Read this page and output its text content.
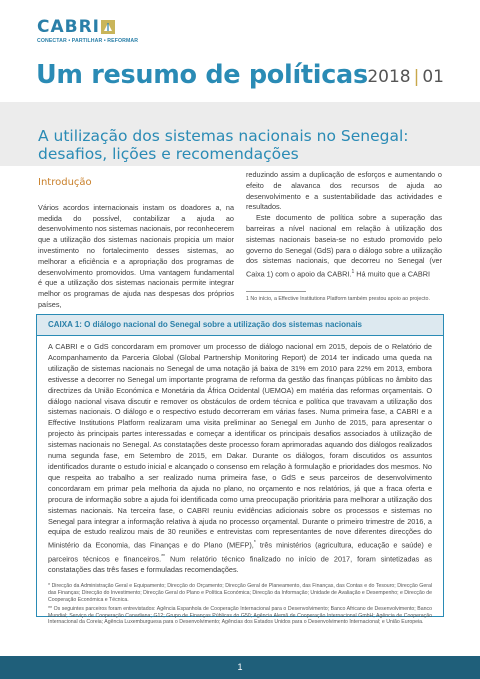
CABRI
CONECTAR • PARTILHAR • REFORMAR
Um resumo de políticas 2018 | 01
A utilização dos sistemas nacionais no Senegal:
desafios, lições e recomendações
Introdução

Vários acordos internacionais instam os doadores a, na medida do possível, contabilizar a ajuda ao desenvolvimento nos sistemas nacionais, por reconhecerem que a utilização dos sistemas nacionais propicia um maior investimento no fortalecimento desses sistemas, ao melhorar a eficiência e a apropriação dos programas de desenvolvimento promovidos. Uma vantagem fundamental é que a utilização dos sistemas nacionais permite integrar melhor os programas de ajuda nas despesas dos próprios países,

reduzindo assim a duplicação de esforços e aumentando o efeito de alavanca dos recursos de ajuda ao desenvolvimento e a sustentabilidade das actividades e resultados.

Este documento de política sobre a superação das barreiras a nível nacional em relação à utilização dos sistemas nacionais baseia-se no estudo promovido pelo governo do Senegal (GdS) para o diálogo sobre a utilização dos sistemas nacionais, que decorreu no Senegal (ver Caixa 1) com o apoio da CABRI.$^1$ Há muito que a CABRI

1 No início, a Effective Institutions Platform também prestou apoio ao projecto.

CAIXA 1: O diálogo nacional do Senegal sobre a utilização dos sistemas nacionais

A CABRI e o GdS concordaram em promover um processo de diálogo nacional em 2015, depois de o Relatório de Acompanhamento da Parceria Global (Global Partnership Monitoring Report) de 2014 ter indicado uma queda na utilização de sistemas nacionais no Senegal de uma notação já baixa de 31% em 2010 para 22% em 2013, embora estivesse a decorrer no Senegal um importante programa de reforma da gestão das finanças públicas no âmbito das directrizes da União Económica e Monetária da África Ocidental (UEMOA) em matéria das reformas orçamentais. O diálogo nacional visava discutir e remover os obstáculos de ordem técnica e política que travavam a utilização dos sistemas nacionais. O diálogo e o respectivo estudo decorreram em várias fases. Numa primeira fase, a CABRI e a Effective Institutions Platform realizaram uma visita preliminar ao Senegal em Junho de 2015, para apresentar o projecto às principais partes interessadas e começar a identificar os principais desafios associados à utilização de sistemas nacionais no Senegal. As constatações deste processo foram aprimoradas aquando dos diálogos realizados numa segunda fase, em Setembro de 2015, em Dakar. Durante os diálogos, foram discutidos os assuntos identificados durante o estudo inicial e alcançado o consenso em relação à formulação e prioridades dos mesmos. No que respeita ao trabalho a ser realizado numa primeira fase, o GdS e seus parceiros de desenvolvimento concordaram em primar pela melhoria da ajuda no plano, no orçamento e nos relatórios, já que a fraca oferta e procura de informação sobre a ajuda foi identificada como uma preocupação prioritária para melhorar a utilização dos sistemas nacionais. Na terceira fase, o CABRI reuniu evidências adicionais sobre os processos e sistemas no Senegal para integrar a informação relativa à ajuda no processo orçamental. Durante o primeiro trimestre de 2016, a equipa de estudo realizou mais de 30 reuniões e entrevistas com representantes de nove diferentes direcções do Ministério da Economia, das Finanças e do Plano (MEFP),* três ministérios (agricultura, educação e saúde) e parceiros técnicos e financeiros.** Num relatório técnico finalizado no início de 2017, foram sintetizadas as constatações das três fases e formuladas recomendações.

* Direcção da Administração Geral e Equipamento; Direcção do Orçamento; Direcção Geral de Planeamento, das Finanças, das Contas e do Tesouro; Direcção Geral das Finanças; Direcção do Investimento; Direcção Geral do Plano e Política Económica; Direcção da Informação; Unidade de Avaliação e Desempenho; e Direcção de Cooperação Económica e Técnica.

** Os seguintes parceiros foram entrevistados: Agência Espanhola de Cooperação Internacional para o Desenvolvimento; Banco Africano de Desenvolvimento; Banco Mundial; Serviço de Cooperação Canadiana; G12; Grupo de Finanças Públicas do G50; Agência Alemã de Cooperação Internacional GmbH; Agência de Cooperação Internacional da Coreia; Agência Luxemburguesa para o Desenvolvimento; Agências dos Estados Unidos para o Desenvolvimento Internacional; e União Europeia.

1
